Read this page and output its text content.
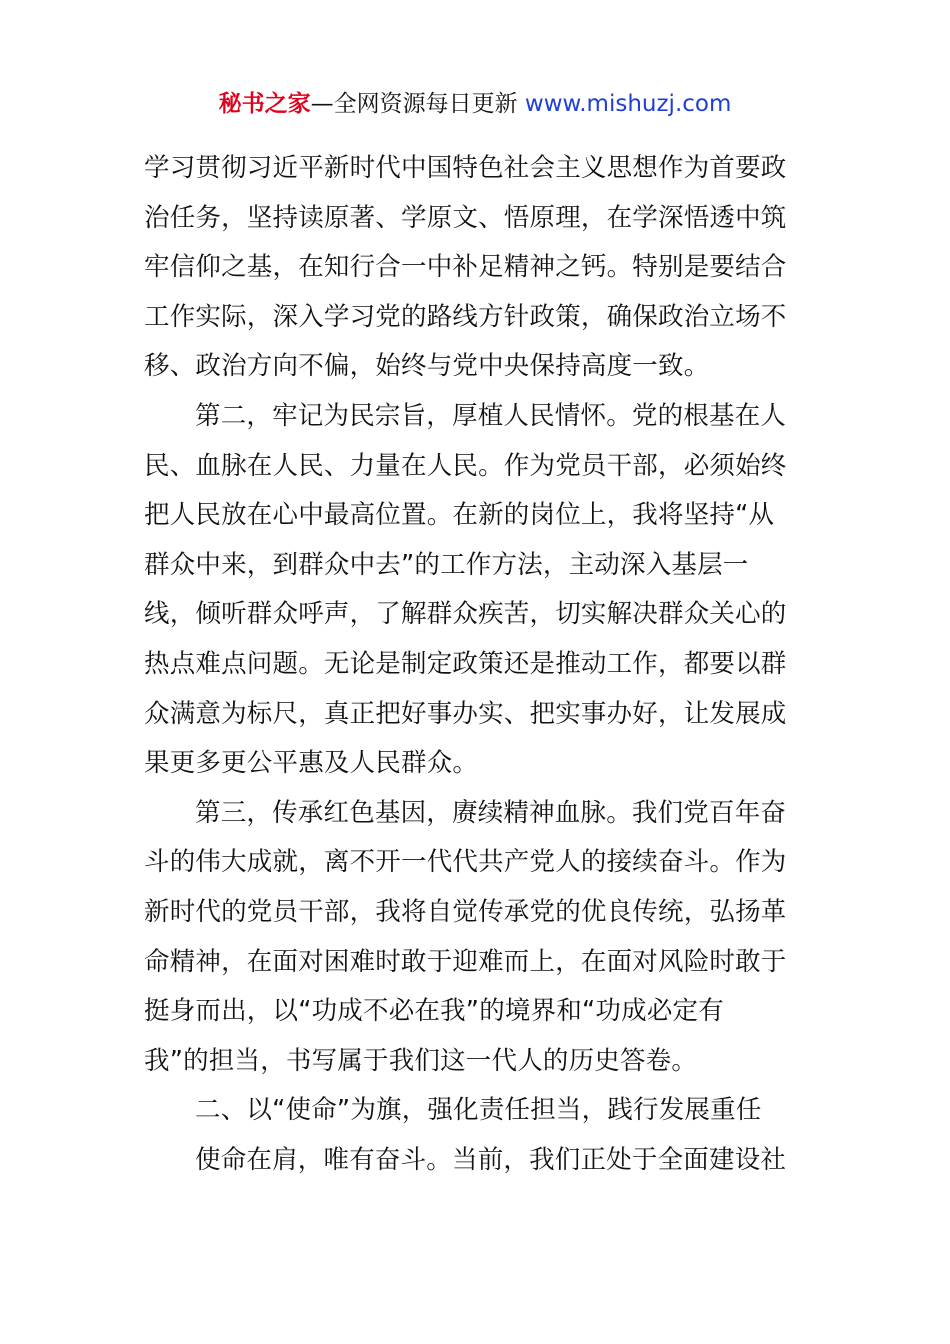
秘书之家—全网资源每日更新 www.mishuzj.com
学习贯彻习近平新时代中国特色社会主义思想作为首要政
治任务，坚持读原著、学原文、悟原理，在学深悟透中筑
牢信仰之基，在知行合一中补足精神之钙。特别是要结合
工作实际，深入学习党的路线方针政策，确保政治立场不
移、政治方向不偏，始终与党中央保持高度一致。
第二，牢记为民宗旨，厚植人民情怀。党的根基在人
民、血脉在人民、力量在人民。作为党员干部，必须始终
把人民放在心中最高位置。在新的岗位上，我将坚持“从
群众中来，到群众中去”的工作方法，主动深入基层一
线，倾听群众呼声，了解群众疾苦，切实解决群众关心的
热点难点问题。无论是制定政策还是推动工作，都要以群
众满意为标尺，真正把好事办实、把实事办好，让发展成
果更多更公平惠及人民群众。
第三，传承红色基因，赓续精神血脉。我们党百年奋
斗的伟大成就，离不开一代代共产党人的接续奋斗。作为
新时代的党员干部，我将自觉传承党的优良传统，弘扬革
命精神，在面对困难时敢于迎难而上，在面对风险时敢于
挺身而出，以“功成不必在我”的境界和“功成必定有
我”的担当，书写属于我们这一代人的历史答卷。
二、以“使命”为旗，强化责任担当，践行发展重任
使命在肩，唯有奋斗。当前，我们正处于全面建设社
